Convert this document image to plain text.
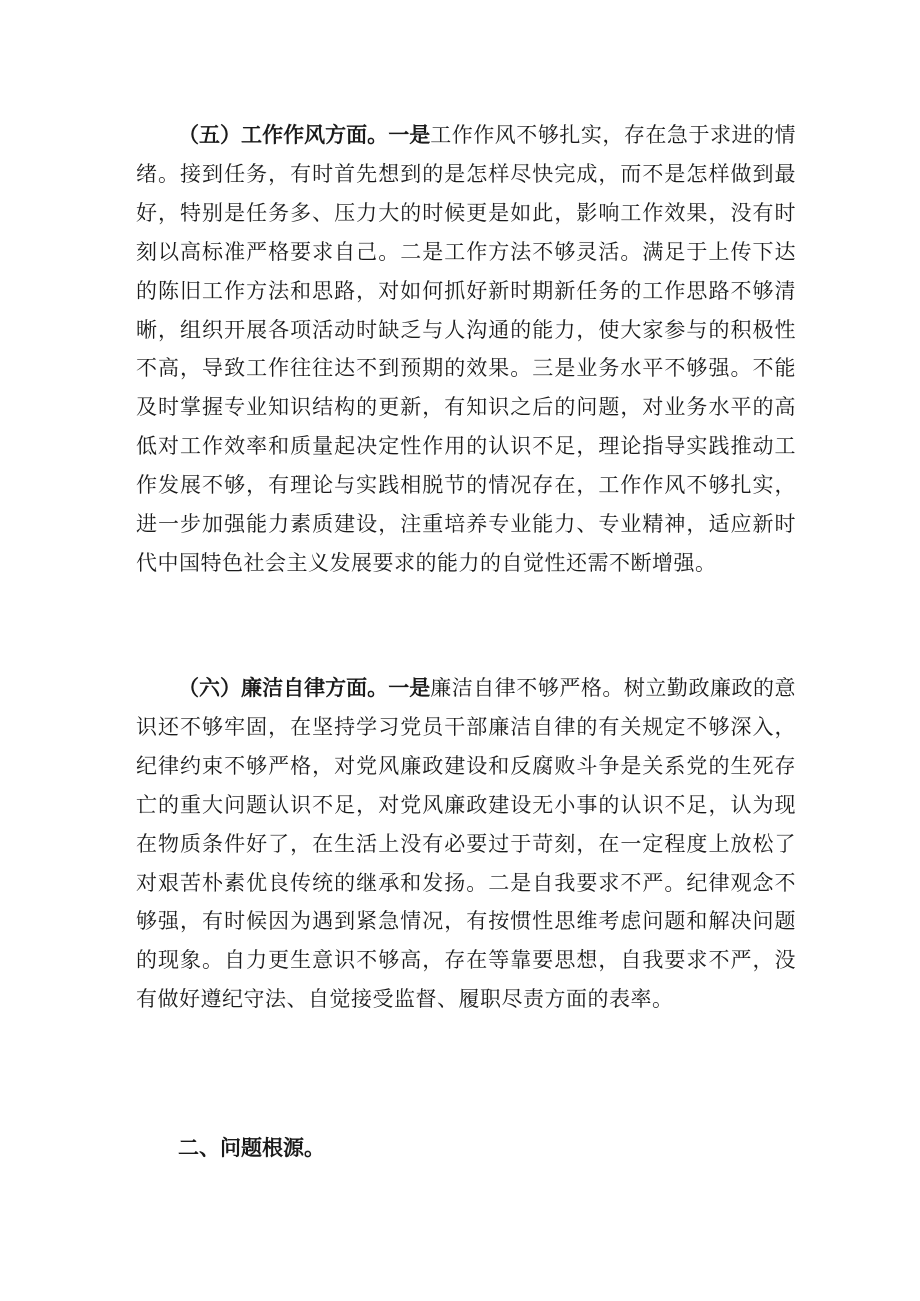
（五）工作作风方面。一是工作作风不够扎实，存在急于求进的情绪。接到任务，有时首先想到的是怎样尽快完成，而不是怎样做到最好，特别是任务多、压力大的时候更是如此，影响工作效果，没有时刻以高标准严格要求自己。二是工作方法不够灵活。满足于上传下达的陈旧工作方法和思路，对如何抓好新时期新任务的工作思路不够清晰，组织开展各项活动时缺乏与人沟通的能力，使大家参与的积极性不高，导致工作往往达不到预期的效果。三是业务水平不够强。不能及时掌握专业知识结构的更新，有知识之后的问题，对业务水平的高低对工作效率和质量起决定性作用的认识不足，理论指导实践推动工作发展不够，有理论与实践相脱节的情况存在，工作作风不够扎实，进一步加强能力素质建设，注重培养专业能力、专业精神，适应新时代中国特色社会主义发展要求的能力的自觉性还需不断增强。

（六）廉洁自律方面。一是廉洁自律不够严格。树立勤政廉政的意识还不够牢固，在坚持学习党员干部廉洁自律的有关规定不够深入，纪律约束不够严格，对党风廉政建设和反腐败斗争是关系党的生死存亡的重大问题认识不足，对党风廉政建设无小事的认识不足，认为现在物质条件好了，在生活上没有必要过于苛刻，在一定程度上放松了对艰苦朴素优良传统的继承和发扬。二是自我要求不严。纪律观念不够强，有时候因为遇到紧急情况，有按惯性思维考虑问题和解决问题的现象。自力更生意识不够高，存在等靠要思想，自我要求不严，没有做好遵纪守法、自觉接受监督、履职尽责方面的表率。

二、问题根源。
